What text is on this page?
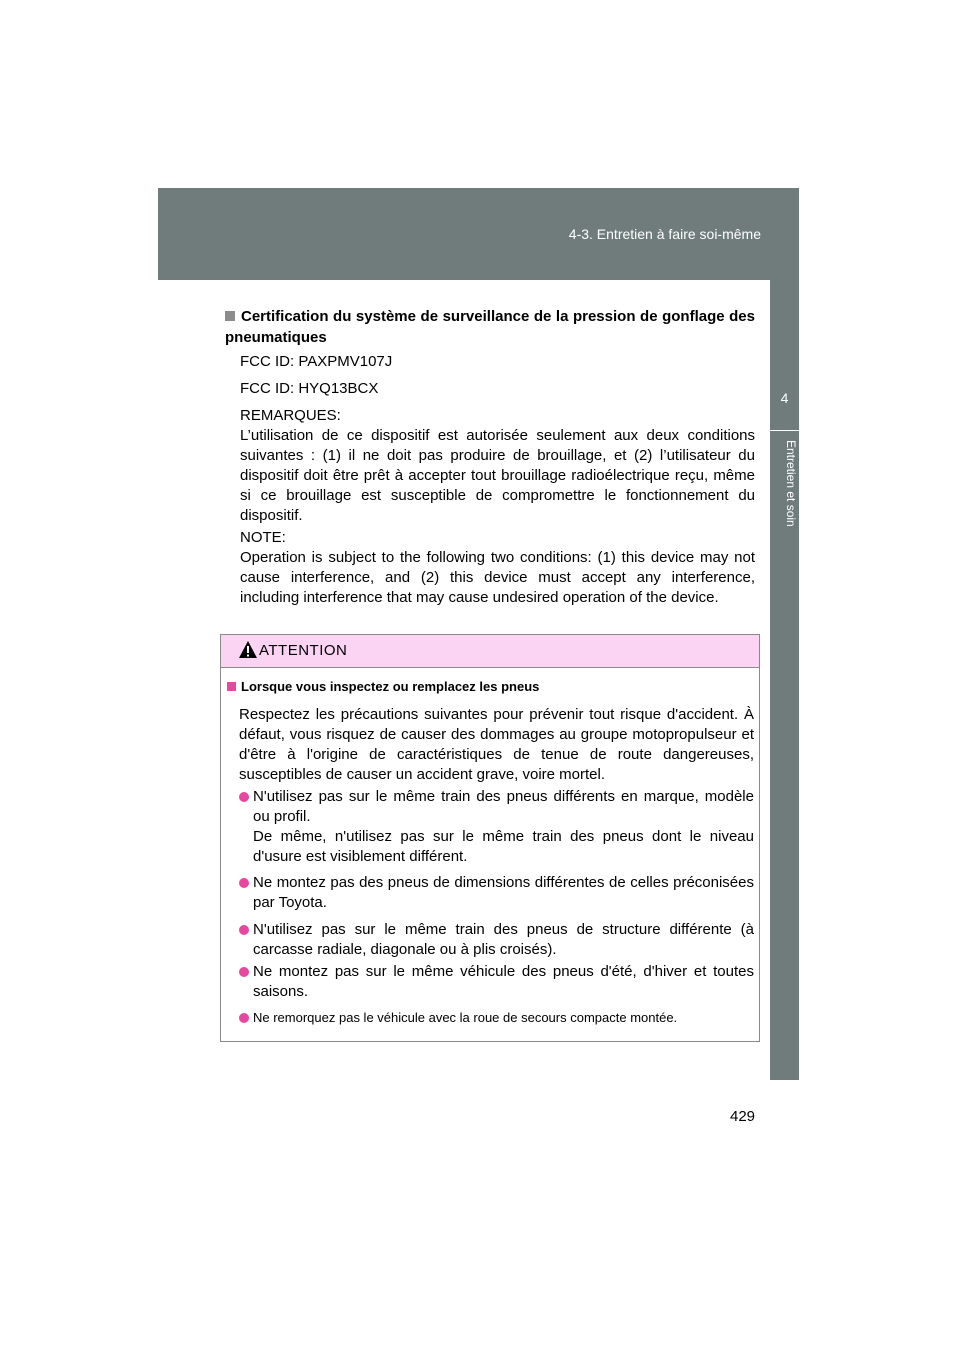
4-3. Entretien à faire soi-même
4
Entretien et soin
Certification du système de surveillance de la pression de gonflage des pneumatiques
FCC ID: PAXPMV107J
FCC ID: HYQ13BCX

REMARQUES:

L’utilisation de ce dispositif est autorisée seulement aux deux conditions suivantes : (1) il ne doit pas produire de brouillage, et (2) l’utilisateur du dispositif doit être prêt à accepter tout brouillage radioélectrique reçu, même si ce brouillage est susceptible de compromettre le fonctionnement du dispositif.

NOTE:

Operation is subject to the following two conditions: (1) this device may not cause interference, and (2) this device must accept any interference, including interference that may cause undesired operation of the device.

ATTENTION
Lorsque vous inspectez ou remplacez les pneus

Respectez les précautions suivantes pour prévenir tout risque d'accident. À défaut, vous risquez de causer des dommages au groupe motopropulseur et d'être à l'origine de caractéristiques de tenue de route dangereuses, susceptibles de causer un accident grave, voire mortel.

N'utilisez pas sur le même train des pneus différents en marque, modèle ou profil.
De même, n'utilisez pas sur le même train des pneus dont le niveau d'usure est visiblement différent.
Ne montez pas des pneus de dimensions différentes de celles préconisées par Toyota.
N'utilisez pas sur le même train des pneus de structure différente (à carcasse radiale, diagonale ou à plis croisés).
Ne montez pas sur le même véhicule des pneus d'été, d'hiver et toutes saisons.
Ne remorquez pas le véhicule avec la roue de secours compacte montée.
429
